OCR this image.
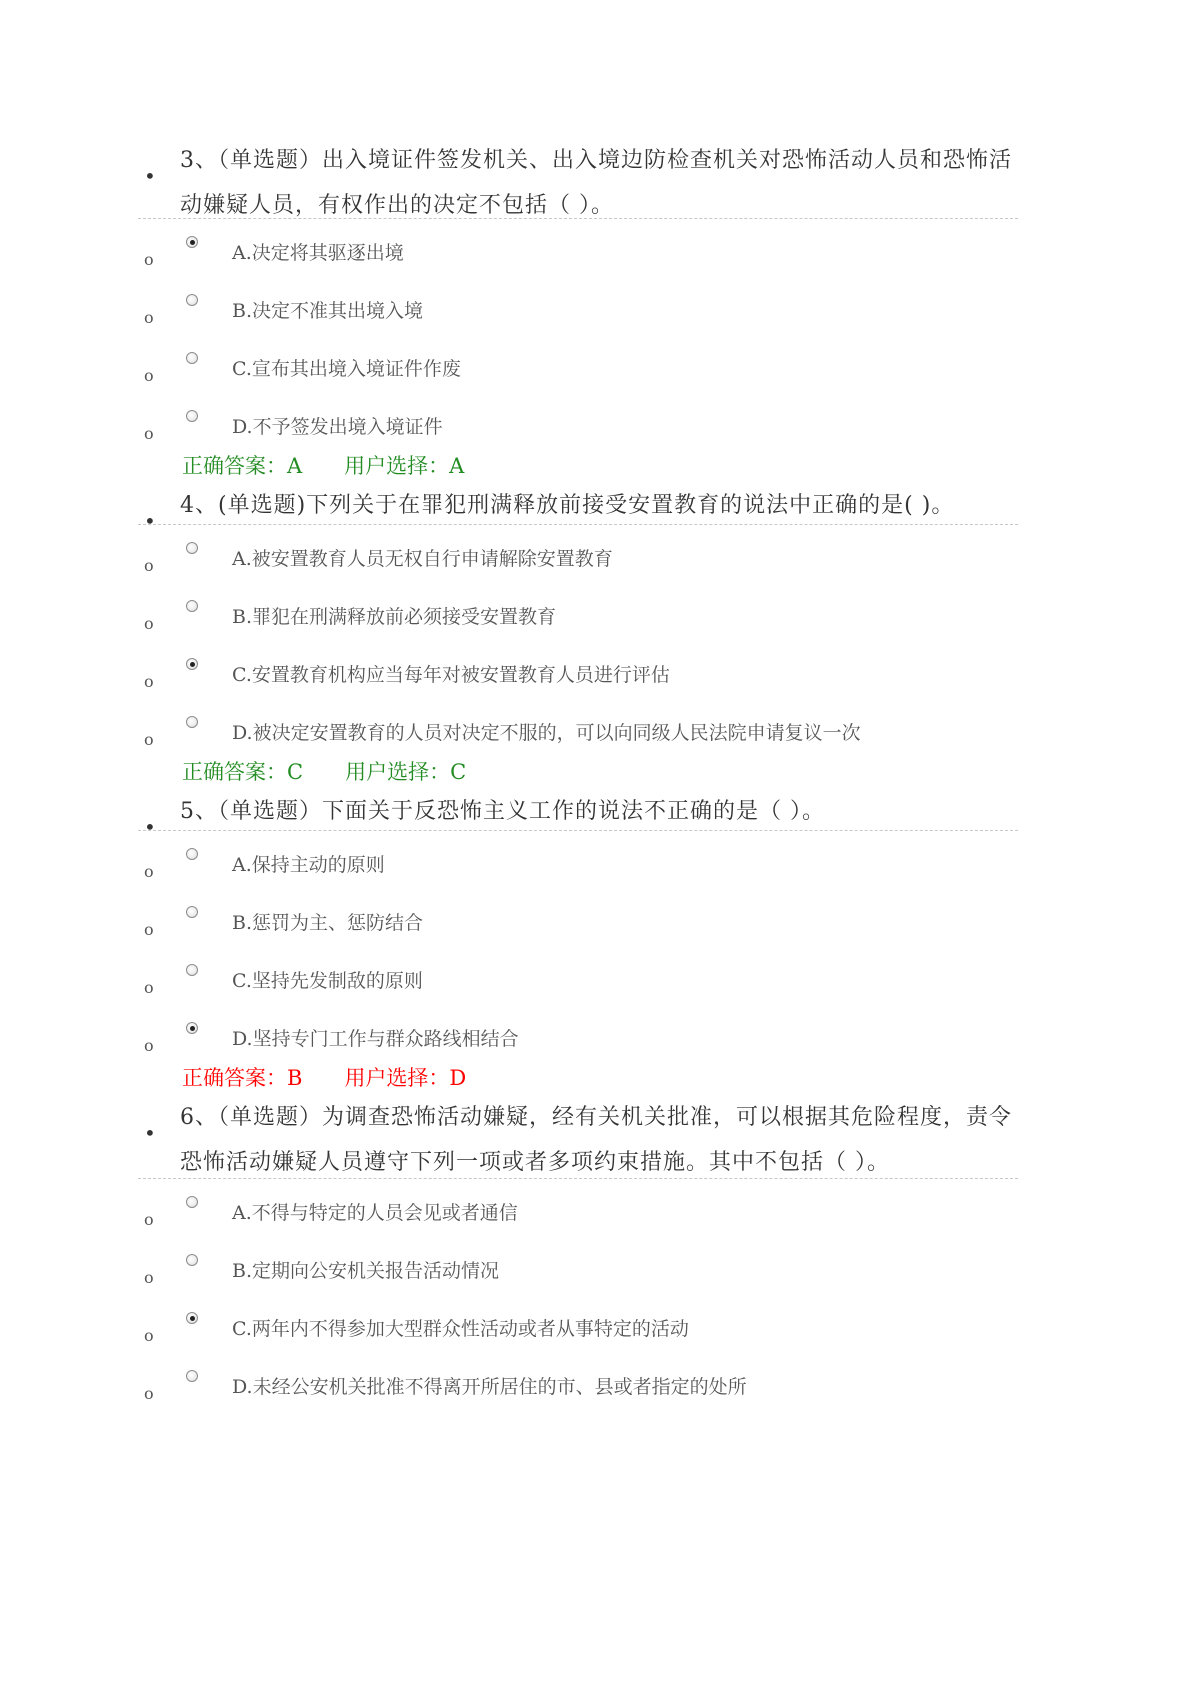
•
3、（单选题）出入境证件签发机关、出入境边防检查机关对恐怖活动人员和恐怖活动嫌疑人员，有权作出的决定不包括（ ）。
o	A.决定将其驱逐出境
o	B.决定不准其出境入境
o	C.宣布其出境入境证件作废
o	D.不予签发出境入境证件
正确答案：A 用户选择：A
•
4、(单选题)下列关于在罪犯刑满释放前接受安置教育的说法中正确的是( )。
o	A.被安置教育人员无权自行申请解除安置教育
o	B.罪犯在刑满释放前必须接受安置教育
o	C.安置教育机构应当每年对被安置教育人员进行评估
o	D.被决定安置教育的人员对决定不服的，可以向同级人民法院申请复议一次
正确答案：C 用户选择：C
•
5、（单选题）下面关于反恐怖主义工作的说法不正确的是（ ）。
o	A.保持主动的原则
o	B.惩罚为主、惩防结合
o	C.坚持先发制敌的原则
o	D.坚持专门工作与群众路线相结合
正确答案：B 用户选择：D
•
6、（单选题）为调查恐怖活动嫌疑，经有关机关批准，可以根据其危险程度，责令恐怖活动嫌疑人员遵守下列一项或者多项约束措施。其中不包括（ ）。
o	A.不得与特定的人员会见或者通信
o	B.定期向公安机关报告活动情况
o	C.两年内不得参加大型群众性活动或者从事特定的活动
o	D.未经公安机关批准不得离开所居住的市、县或者指定的处所
